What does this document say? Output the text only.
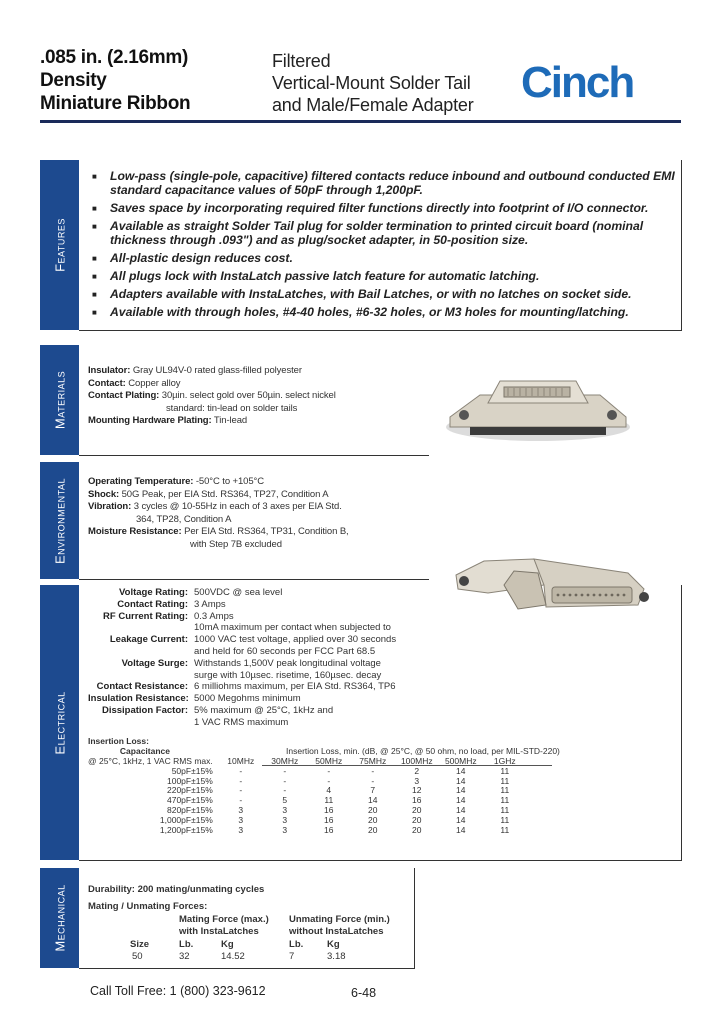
.085 in. (2.16mm)
Density
Miniature Ribbon
Filtered
Vertical-Mount Solder Tail
and Male/Female Adapter Cinch
Features
■ Low-pass (single-pole, capacitive) filtered contacts reduce inbound and outbound conducted EMI standard capacitance values of 50pF through 1,200pF.
■ Saves space by incorporating required filter functions directly into footprint of I/O connector.
■ Available as straight Solder Tail plug for solder termination to printed circuit board (nominal thickness through .093") and as plug/socket adapter, in 50-position size.
■ All-plastic design reduces cost.
■ All plugs lock with InstaLatch passive latch feature for automatic latching.
■ Adapters available with InstaLatches, with Bail Latches, or with no latches on socket side.
■ Available with through holes, #4-40 holes, #6-32 holes, or M3 holes for mounting/latching.
Materials
Insulator: Gray UL94V-0 rated glass-filled polyester
Contact: Copper alloy
Contact Plating: 30µin. select gold over 50µin. select nickel
standard: tin-lead on solder tails
Mounting Hardware Plating: Tin-lead
Environmental Operating Temperature: -50°C to +105°C
Shock: 50G Peak, per EIA Std. RS364, TP27, Condition A
Vibration: 3 cycles @ 10-55Hz in each of 3 axes per EIA Std.
364, TP28, Condition A
Moisture Resistance: Per EIA Std. RS364, TP31, Condition B,
with Step 7B excluded
Electrical
Voltage Rating: 500VDC @ sea level
Contact Rating: 3 Amps
RF Current Rating: 0.3 Amps
10mA maximum per contact when subjected to
Leakage Current: 1000 VAC test voltage, applied over 30 seconds
and held for 60 seconds per FCC Part 68.5
Voltage Surge: Withstands 1,500V peak longitudinal voltage
surge with 10µsec. risetime, 160µsec. decay
Contact Resistance: 6 milliohms maximum, per EIA Std. RS364, TP6
Insulation Resistance: 5000 Megohms minimum
Dissipation Factor: 5% maximum @ 25°C, 1kHz and
1 VAC RMS maximum
Insertion Loss:
Capacitance	Insertion Loss, min. (dB, @ 25°C, @ 50 ohm, no load, per MIL-STD-220)
@ 25°C, 1kHz, 1 VAC RMS max.	10MHz	30MHz	50MHz	75MHz	100MHz	500MHz	1GHz
50pF±15%	-	-	-	-	2	14	11
100pF±15%	-	-	-	-	3	14	11
220pF±15%	-	-	4	7	12	14	11
470pF±15%	-	5	11	14	16	14	11
820pF±15%	3	3	16	20	20	14	11
1,000pF±15%	3	3	16	20	20	14	11
1,200pF±15%	3	3	16	20	20	14	11
Mechanical Durability: 200 mating/unmating cycles
Mating / Unmating Forces:
	Mating Force (max.)		Unmating Force (min.)	
	with InstaLatches		without InstaLatches	
Size	Lb.	Kg	Lb.	Kg
50	32	14.52	7	3.18
Call Toll Free: 1 (800) 323-9612	6-48
